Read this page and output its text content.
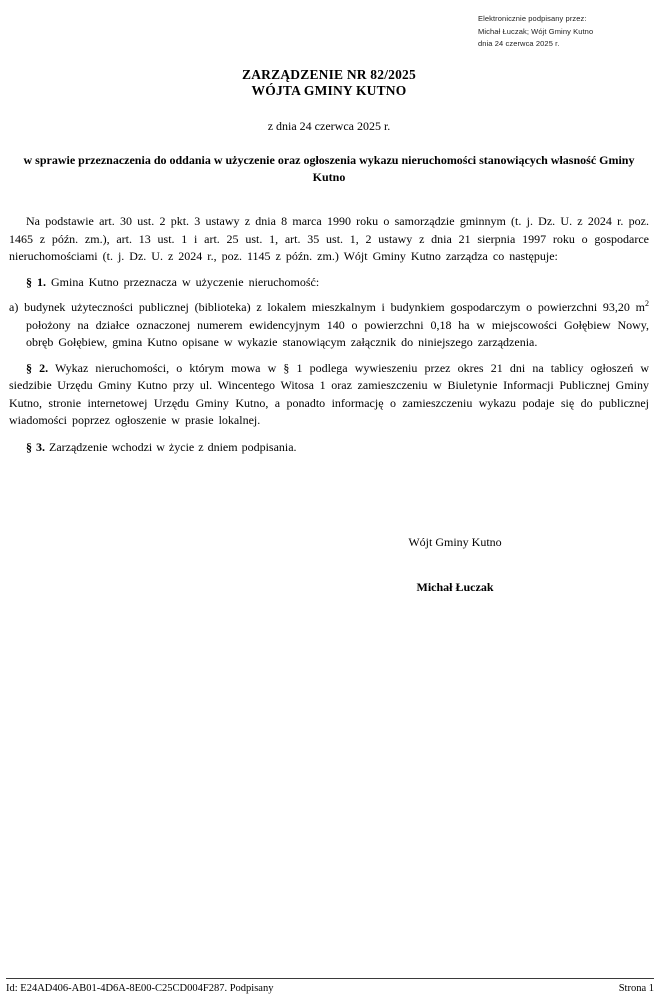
Elektronicznie podpisany przez:
Michał Łuczak; Wójt Gminy Kutno
dnia 24 czerwca 2025 r.
ZARZĄDZENIE NR 82/2025
WÓJTA GMINY KUTNO
z dnia 24 czerwca 2025 r.
w sprawie przeznaczenia do oddania w użyczenie oraz ogłoszenia wykazu nieruchomości stanowiących własność Gminy Kutno

Na podstawie art. 30 ust. 2 pkt. 3 ustawy z dnia 8 marca 1990 roku o samorządzie gminnym (t. j. Dz. U. z 2024 r. poz. 1465 z późn. zm.), art. 13 ust. 1 i art. 25 ust. 1, art. 35 ust. 1, 2 ustawy z dnia 21 sierpnia 1997 roku o gospodarce nieruchomościami (t. j. Dz. U. z 2024 r., poz. 1145 z późn. zm.) Wójt Gminy Kutno zarządza co następuje:

§ 1. Gmina Kutno przeznacza w użyczenie nieruchomość:

a) budynek użyteczności publicznej (biblioteka) z lokalem mieszkalnym i budynkiem gospodarczym o powierzchni 93,20 $m^2$ położony na działce oznaczonej numerem ewidencyjnym 140 o powierzchni 0,18 ha w miejscowości Gołębiew Nowy, obręb Gołębiew, gmina Kutno opisane w wykazie stanowiącym załącznik do niniejszego zarządzenia.

§ 2. Wykaz nieruchomości, o którym mowa w § 1 podlega wywieszeniu przez okres 21 dni na tablicy ogłoszeń w siedzibie Urzędu Gminy Kutno przy ul. Wincentego Witosa 1 oraz zamieszczeniu w Biuletynie Informacji Publicznej Gminy Kutno, stronie internetowej Urzędu Gminy Kutno, a ponadto informację o zamieszczeniu wykazu podaje się do publicznej wiadomości poprzez ogłoszenie w prasie lokalnej.

§ 3. Zarządzenie wchodzi w życie z dniem podpisania.

Wójt Gminy Kutno
Michał Łuczak
Id: E24AD406-AB01-4D6A-8E00-C25CD004F287. Podpisany	Strona 1
